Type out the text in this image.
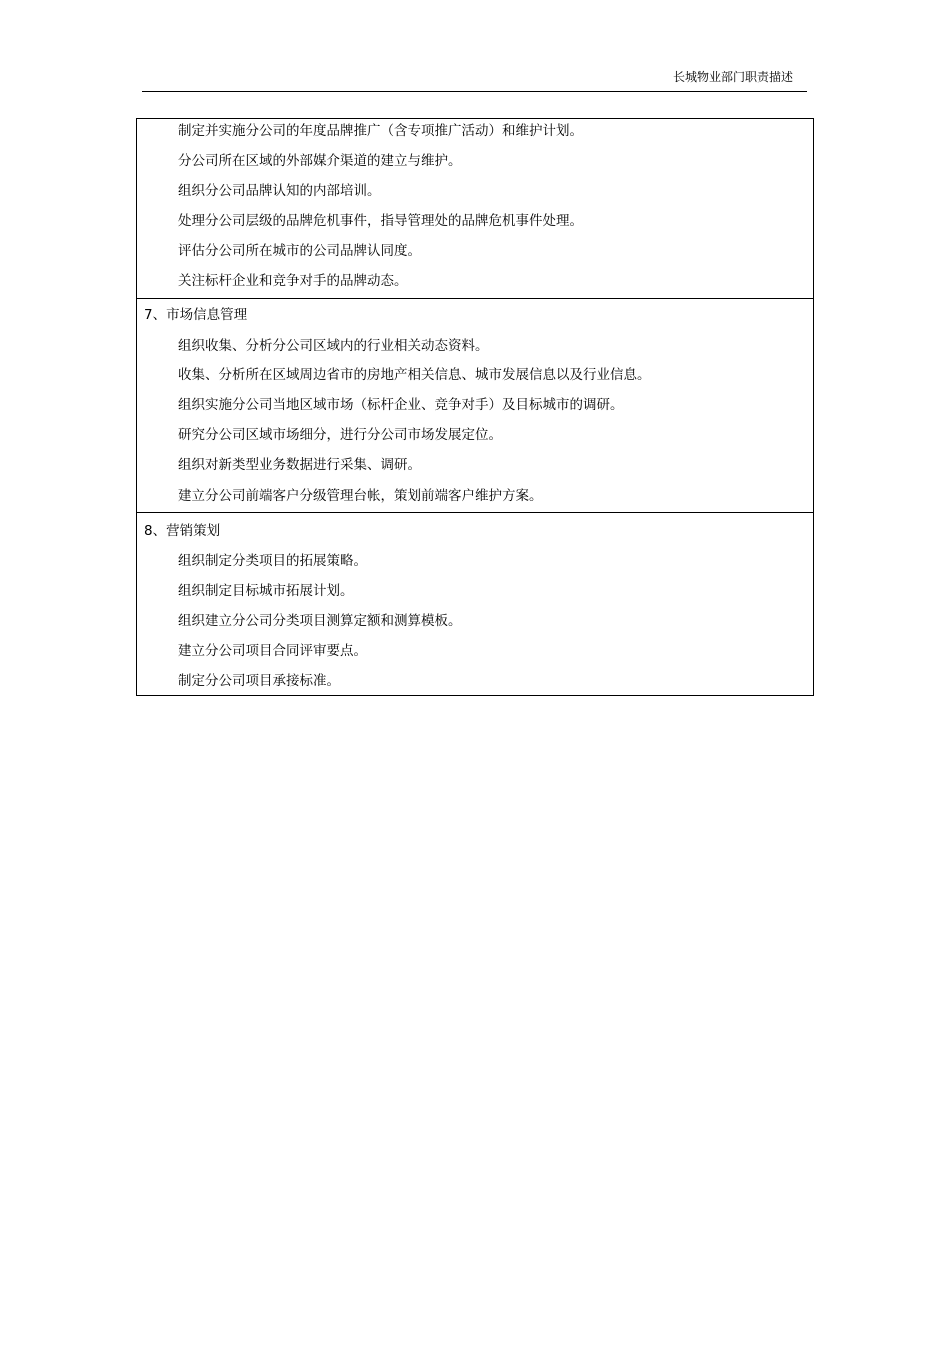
长城物业部门职责描述
制定并实施分公司的年度品牌推广（含专项推广活动）和维护计划。
分公司所在区域的外部媒介渠道的建立与维护。
组织分公司品牌认知的内部培训。
处理分公司层级的品牌危机事件，指导管理处的品牌危机事件处理。
评估分公司所在城市的公司品牌认同度。
关注标杆企业和竞争对手的品牌动态。
7、市场信息管理
组织收集、分析分公司区域内的行业相关动态资料。
收集、分析所在区域周边省市的房地产相关信息、城市发展信息以及行业信息。
组织实施分公司当地区域市场（标杆企业、竞争对手）及目标城市的调研。
研究分公司区域市场细分，进行分公司市场发展定位。
组织对新类型业务数据进行采集、调研。
建立分公司前端客户分级管理台帐，策划前端客户维护方案。
8、营销策划
组织制定分类项目的拓展策略。
组织制定目标城市拓展计划。
组织建立分公司分类项目测算定额和测算模板。
建立分公司项目合同评审要点。
制定分公司项目承接标准。
